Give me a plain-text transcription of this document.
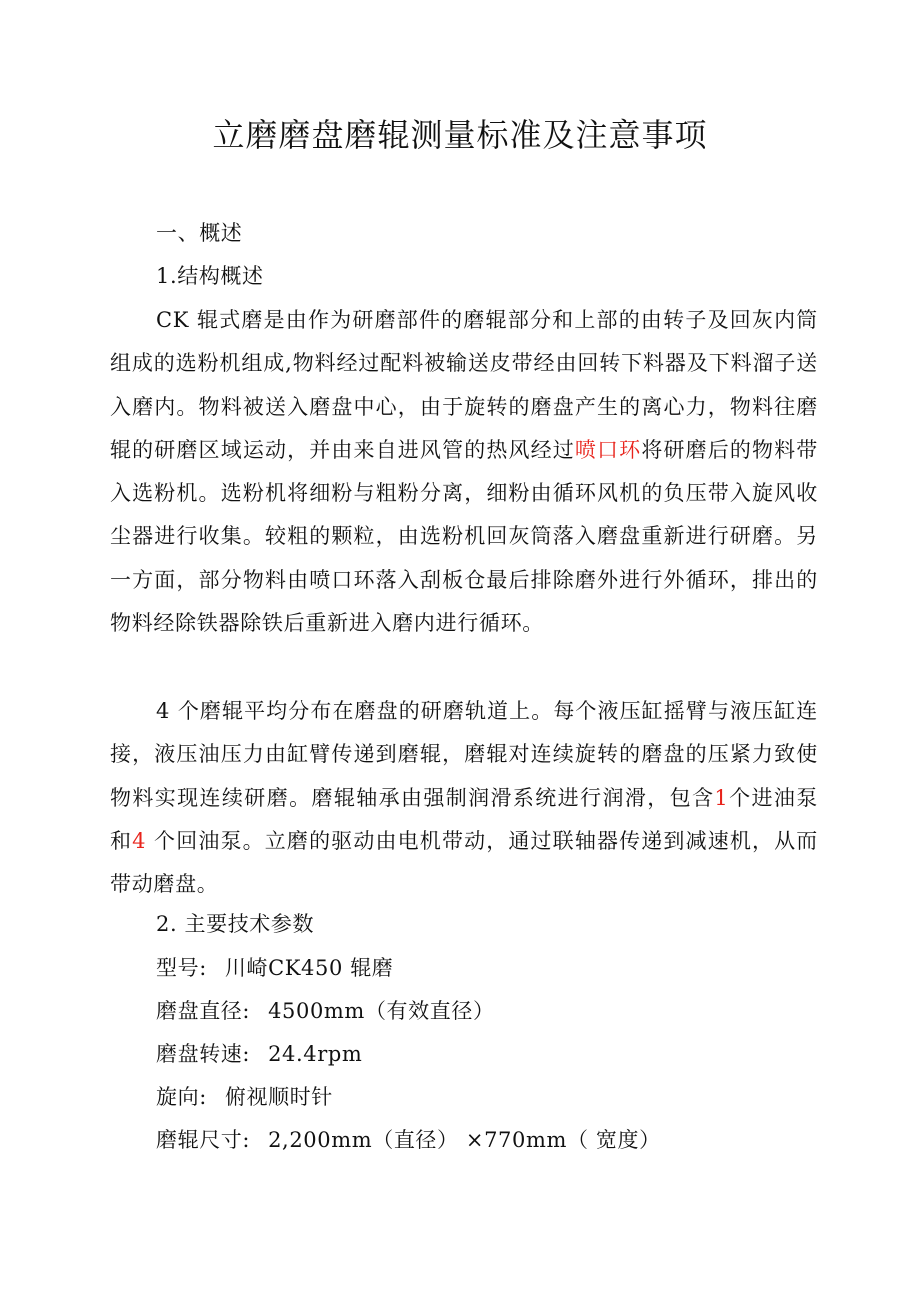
立磨磨盘磨辊测量标准及注意事项
一、概述
1.结构概述

CK 辊式磨是由作为研磨部件的磨辊部分和上部的由转子及回灰内筒组成的选粉机组成,物料经过配料被输送皮带经由回转下料器及下料溜子送入磨内。物料被送入磨盘中心，由于旋转的磨盘产生的离心力，物料往磨辊的研磨区域运动，并由来自进风管的热风经过喷口环将研磨后的物料带入选粉机。选粉机将细粉与粗粉分离，细粉由循环风机的负压带入旋风收尘器进行收集。较粗的颗粒，由选粉机回灰筒落入磨盘重新进行研磨。另一方面，部分物料由喷口环落入刮板仓最后排除磨外进行外循环，排出的物料经除铁器除铁后重新进入磨内进行循环。

4 个磨辊平均分布在磨盘的研磨轨道上。每个液压缸摇臂与液压缸连接，液压油压力由缸臂传递到磨辊，磨辊对连续旋转的磨盘的压紧力致使物料实现连续研磨。磨辊轴承由强制润滑系统进行润滑，包含1个进油泵和4 个回油泵。立磨的驱动由电机带动，通过联轴器传递到减速机，从而带动磨盘。

2. 主要技术参数
型号: 川崎CK450 辊磨
磨盘直径: 4500mm（有效直径）
磨盘转速: 24.4rpm
旋向: 俯视顺时针
磨辊尺寸: 2,200mm（直径） ×770mm（ 宽度）
